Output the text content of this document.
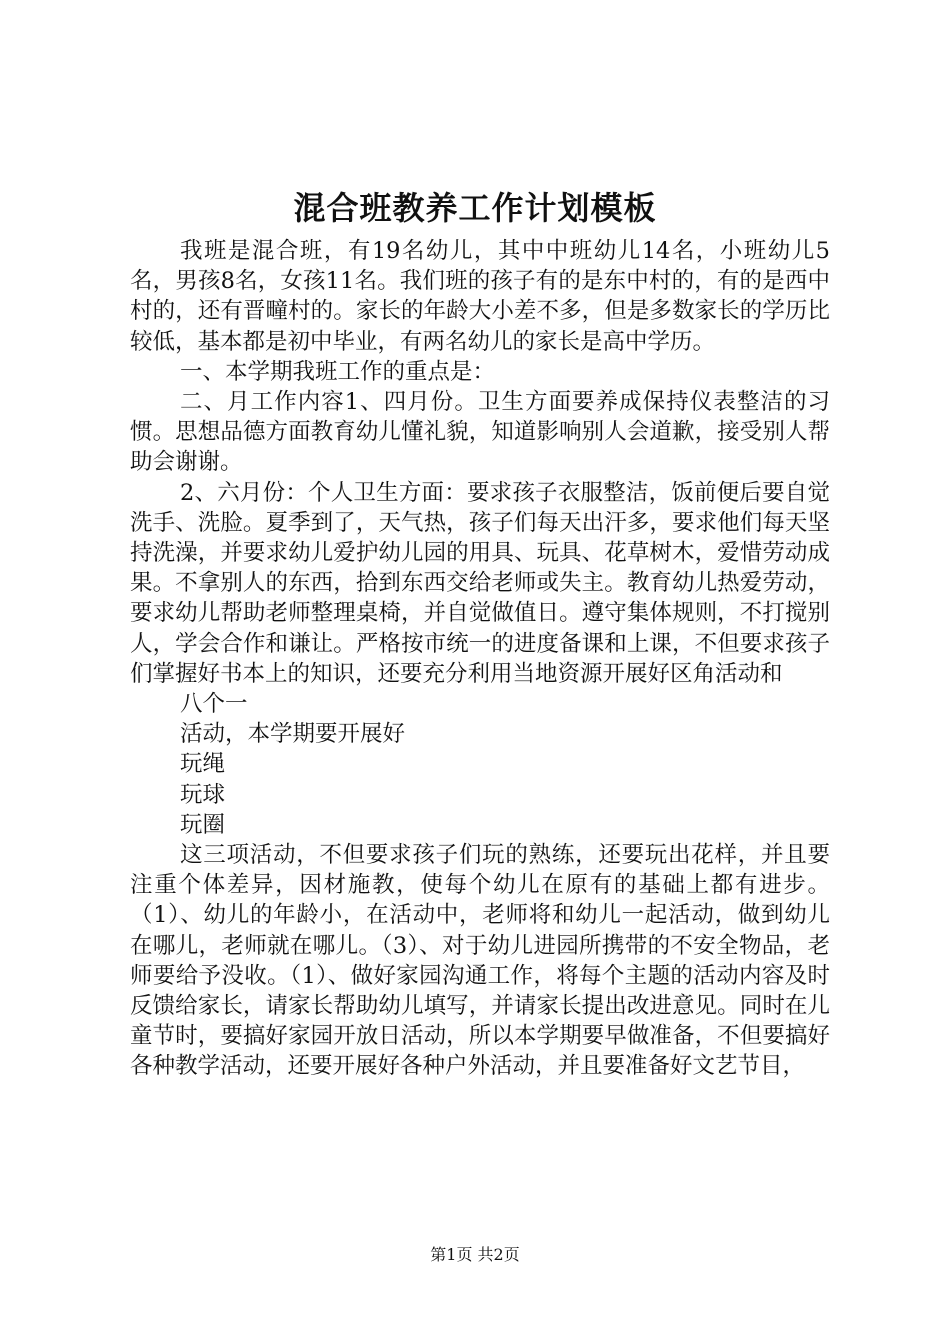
混合班教养工作计划模板

我班是混合班，有19名幼儿，其中中班幼儿14名，小班幼儿5名，男孩8名，女孩11名。我们班的孩子有的是东中村的，有的是西中村的，还有晋疃村的。家长的年龄大小差不多，但是多数家长的学历比较低，基本都是初中毕业，有两名幼儿的家长是高中学历。

一、本学期我班工作的重点是：

二、月工作内容1、四月份。卫生方面要养成保持仪表整洁的习惯。思想品德方面教育幼儿懂礼貌，知道影响别人会道歉，接受别人帮助会谢谢。

2、六月份：个人卫生方面：要求孩子衣服整洁，饭前便后要自觉洗手、洗脸。夏季到了，天气热，孩子们每天出汗多，要求他们每天坚持洗澡，并要求幼儿爱护幼儿园的用具、玩具、花草树木，爱惜劳动成果。不拿别人的东西，拾到东西交给老师或失主。教育幼儿热爱劳动，要求幼儿帮助老师整理桌椅，并自觉做值日。遵守集体规则，不打搅别人，学会合作和谦让。严格按市统一的进度备课和上课，不但要求孩子们掌握好书本上的知识，还要充分利用当地资源开展好区角活动和

八个一

活动，本学期要开展好

玩绳

玩球

玩圈

这三项活动，不但要求孩子们玩的熟练，还要玩出花样，并且要注重个体差异，因材施教，使每个幼儿在原有的基础上都有进步。（1）、幼儿的年龄小，在活动中，老师将和幼儿一起活动，做到幼儿在哪儿，老师就在哪儿。（3）、对于幼儿进园所携带的不安全物品，老师要给予没收。（1）、做好家园沟通工作，将每个主题的活动内容及时反馈给家长，请家长帮助幼儿填写，并请家长提出改进意见。同时在儿童节时，要搞好家园开放日活动，所以本学期要早做准备，不但要搞好各种教学活动，还要开展好各种户外活动，并且要准备好文艺节目，

第1页 共2页
